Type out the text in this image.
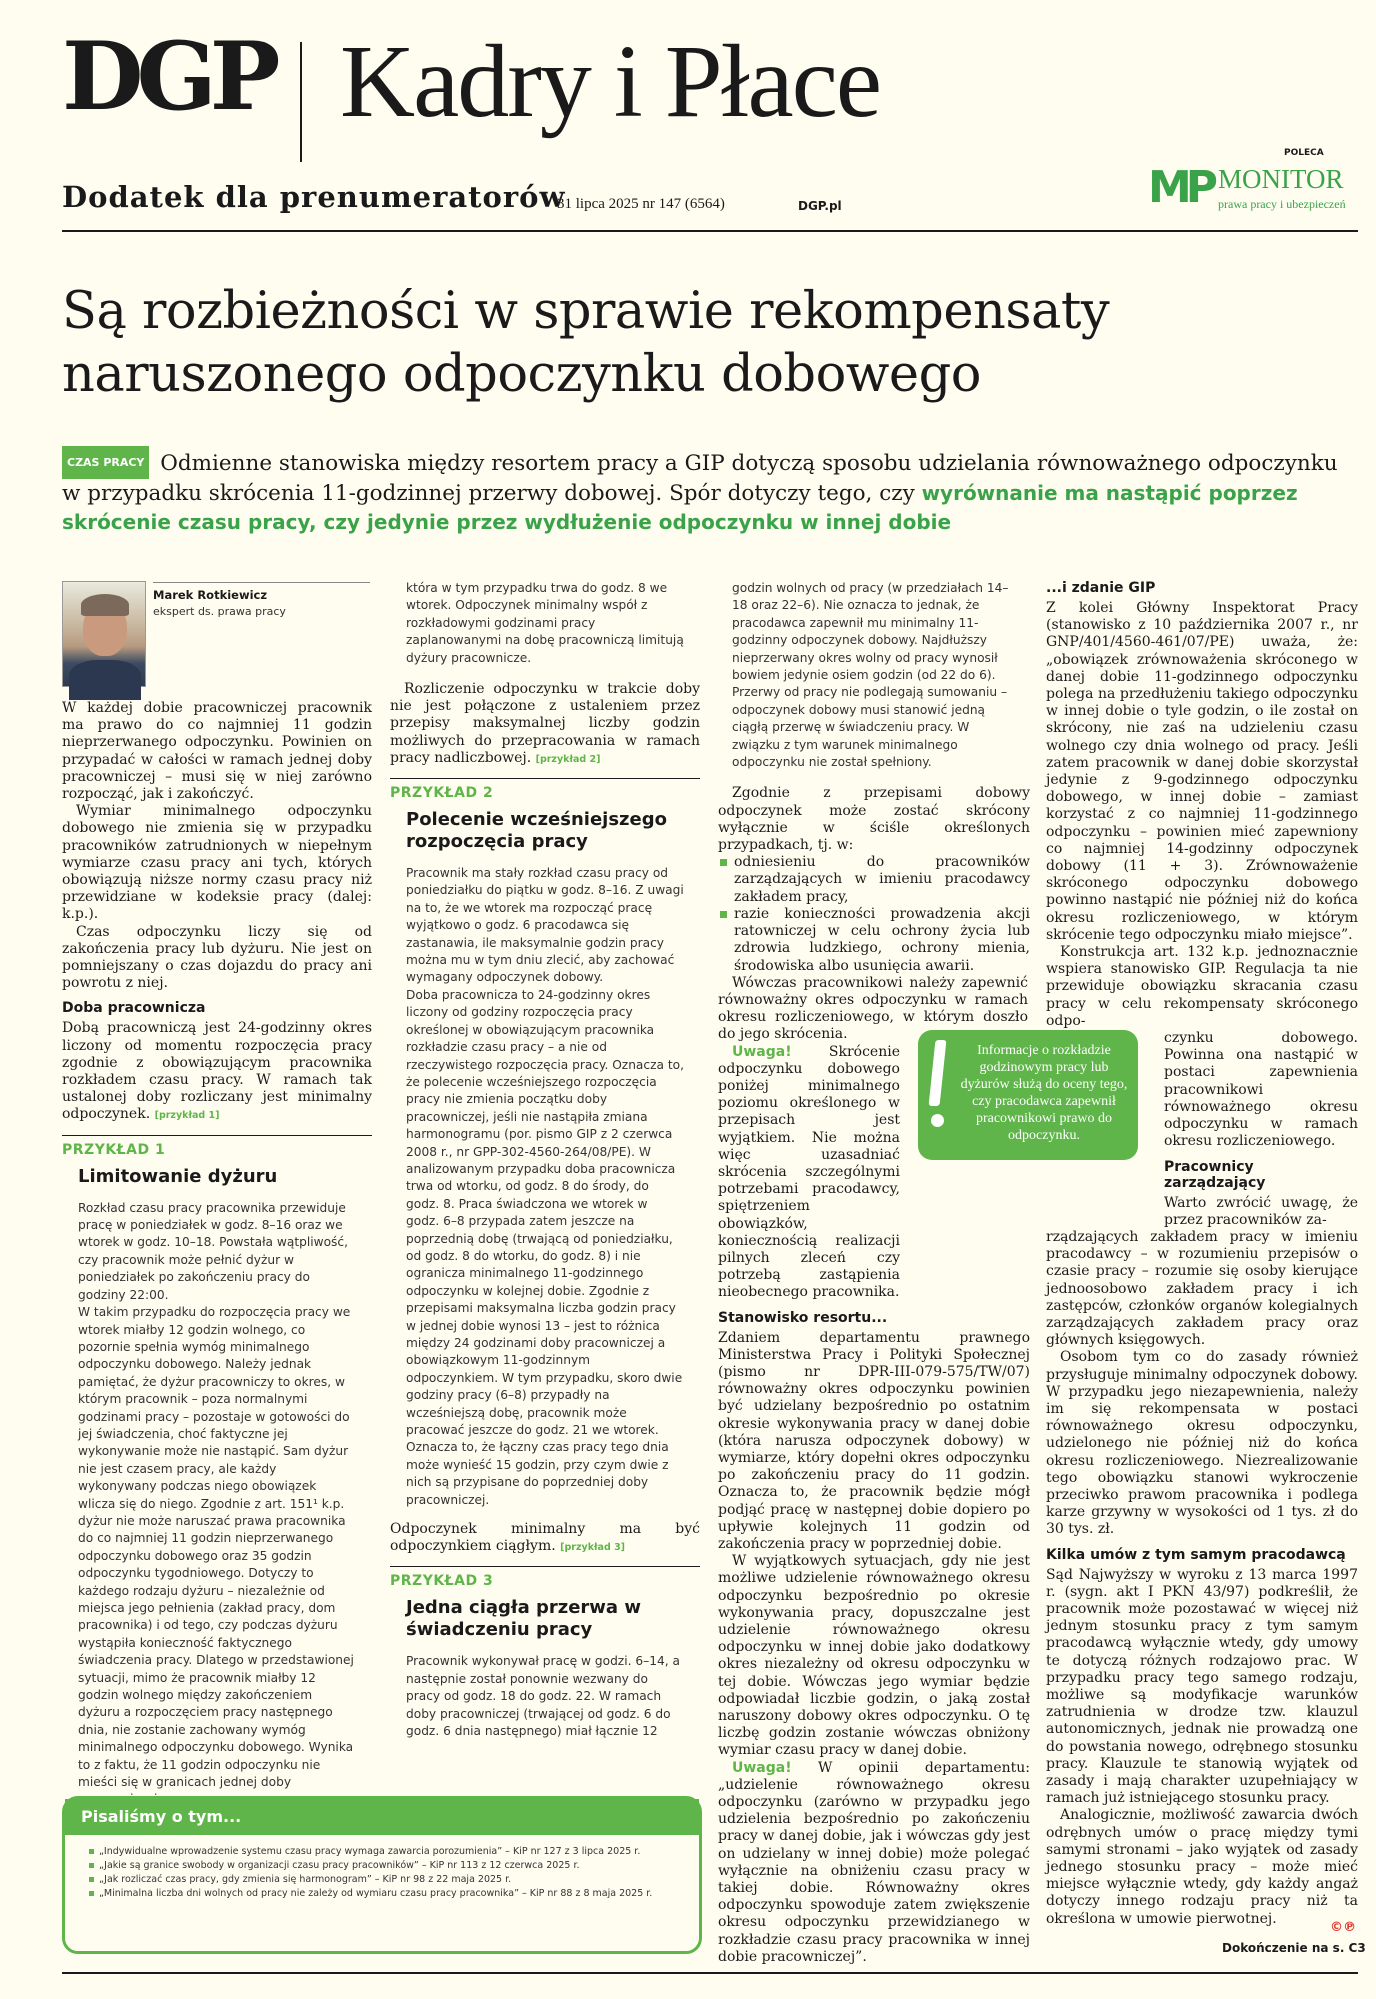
DGP Kadry i Płace
Dodatek dla prenumeratorów
31 lipca 2025 nr 147 (6564)	DGP.pl
POLECA
MP MONITOR
prawa pracy i ubezpieczeń
Są rozbieżności w sprawie rekompensaty
naruszonego odpoczynku dobowego

CZAS PRACY Odmienne stanowiska między resortem pracy a GIP dotyczą sposobu udzielania równoważnego odpoczynku w przypadku skrócenia 11-godzinnej przerwy dobowej. Spór dotyczy tego, czy wyrównanie ma nastąpić poprzez skrócenie czasu pracy, czy jedynie przez wydłużenie odpoczynku w innej dobie

Marek Rotkiewicz
ekspert ds. prawa pracy

W każdej dobie pracowniczej pracownik ma prawo do co najmniej 11 godzin nieprzerwanego odpoczynku. Powinien on przypadać w całości w ramach jednej doby pracowniczej – musi się w niej zarówno rozpocząć, jak i zakończyć.

Wymiar minimalnego odpoczynku dobowego nie zmienia się w przypadku pracowników zatrudnionych w niepełnym wymiarze czasu pracy ani tych, których obowiązują niższe normy czasu pracy niż przewidziane w kodeksie pracy (dalej: k.p.).

Czas odpoczynku liczy się od zakończenia pracy lub dyżuru. Nie jest on pomniejszany o czas dojazdu do pracy ani powrotu z niej.

Doba pracownicza

Dobą pracowniczą jest 24-godzinny okres liczony od momentu rozpoczęcia pracy zgodnie z obowiązującym pracownika rozkładem czasu pracy. W ramach tak ustalonej doby rozliczany jest minimalny odpoczynek. [przykład 1]

PRZYKŁAD 1
Limitowanie dyżuru

Rozkład czasu pracy pracownika przewiduje pracę w poniedziałek w godz. 8–16 oraz we wtorek w godz. 10–18. Powstała wątpliwość, czy pracownik może pełnić dyżur w poniedziałek po zakończeniu pracy do godziny 22:00.

W takim przypadku do rozpoczęcia pracy we wtorek miałby 12 godzin wolnego, co pozornie spełnia wymóg minimalnego odpoczynku dobowego. Należy jednak pamiętać, że dyżur pracowniczy to okres, w którym pracownik – poza normalnymi godzinami pracy – pozostaje w gotowości do jej świadczenia, choć faktyczne jej wykonywanie może nie nastąpić. Sam dyżur nie jest czasem pracy, ale każdy wykonywany podczas niego obowiązek wlicza się do niego. Zgodnie z art. 151¹ k.p. dyżur nie może naruszać prawa pracownika do co najmniej 11 godzin nieprzerwanego odpoczynku dobowego oraz 35 godzin odpoczynku tygodniowego. Dotyczy to każdego rodzaju dyżuru – niezależnie od miejsca jego pełnienia (zakład pracy, dom pracownika) i od tego, czy podczas dyżuru wystąpiła konieczność faktycznego świadczenia pracy. Dlatego w przedstawionej sytuacji, mimo że pracownik miałby 12 godzin wolnego między zakończeniem dyżuru a rozpoczęciem pracy następnego dnia, nie zostanie zachowany wymóg minimalnego odpoczynku dobowego. Wynika to z faktu, że 11 godzin odpoczynku nie mieści się w granicach jednej doby

która w tym przypadku trwa do godz. 8 we wtorek. Odpoczynek minimalny współ z rozkładowymi godzinami pracy zaplanowanymi na dobę pracowniczą limitują dyżury pracownicze.

Rozliczenie odpoczynku w trakcie doby nie jest połączone z ustaleniem przez przepisy maksymalnej liczby godzin możliwych do przepracowania w ramach pracy nadliczbowej. [przykład 2]

PRZYKŁAD 2
Polecenie wcześniejszego rozpoczęcia pracy

Pracownik ma stały rozkład czasu pracy od poniedziałku do piątku w godz. 8–16. Z uwagi na to, że we wtorek ma rozpocząć pracę wyjątkowo o godz. 6 pracodawca się zastanawia, ile maksymalnie godzin pracy można mu w tym dniu zlecić, aby zachować wymagany odpoczynek dobowy.

Doba pracownicza to 24-godzinny okres liczony od godziny rozpoczęcia pracy określonej w obowiązującym pracownika rozkładzie czasu pracy – a nie od rzeczywistego rozpoczęcia pracy. Oznacza to, że polecenie wcześniejszego rozpoczęcia pracy nie zmienia początku doby pracowniczej, jeśli nie nastąpiła zmiana harmonogramu (por. pismo GIP z 2 czerwca 2008 r., nr GPP-302-4560-264/08/PE). W analizowanym przypadku doba pracownicza trwa od wtorku, od godz. 8 do środy, do godz. 8. Praca świadczona we wtorek w godz. 6–8 przypada zatem jeszcze na poprzednią dobę (trwającą od poniedziałku, od godz. 8 do wtorku, do godz. 8) i nie ogranicza minimalnego 11-godzinnego odpoczynku w kolejnej dobie. Zgodnie z przepisami maksymalna liczba godzin pracy w jednej dobie wynosi 13 – jest to różnica między 24 godzinami doby pracowniczej a obowiązkowym 11-godzinnym odpoczynkiem. W tym przypadku, skoro dwie godziny pracy (6–8) przypadły na wcześniejszą dobę, pracownik może pracować jeszcze do godz. 21 we wtorek. Oznacza to, że łączny czas pracy tego dnia może wynieść 15 godzin, przy czym dwie z nich są przypisane do poprzedniej doby pracowniczej.

Odpoczynek minimalny ma być odpoczynkiem ciągłym. [przykład 3]

PRZYKŁAD 3
Jedna ciągła przerwa w świadczeniu pracy

Pracownik wykonywał pracę w godzi. 6–14, a następnie został ponownie wezwany do pracy od godz. 18 do godz. 22. W ramach doby pracowniczej (trwającej od godz. 6 do godz. 6 dnia następnego) miał łącznie 12

godzin wolnych od pracy (w przedziałach 14–18 oraz 22–6). Nie oznacza to jednak, że pracodawca zapewnił mu minimalny 11-godzinny odpoczynek dobowy. Najdłuższy nieprzerwany okres wolny od pracy wynosił bowiem jedynie osiem godzin (od 22 do 6). Przerwy od pracy nie podlegają sumowaniu – odpoczynek dobowy musi stanowić jedną ciągłą przerwę w świadczeniu pracy. W związku z tym warunek minimalnego odpoczynku nie został spełniony.

Zgodnie z przepisami dobowy odpoczynek może zostać skrócony wyłącznie w ściśle określonych przypadkach, tj. w:

odniesieniu do pracowników zarządzających w imieniu pracodawcy zakładem pracy,
razie konieczności prowadzenia akcji ratowniczej w celu ochrony życia lub zdrowia ludzkiego, ochrony mienia, środowiska albo usunięcia awarii.

Wówczas pracownikowi należy zapewnić równoważny okres odpoczynku w ramach okresu rozliczeniowego, w którym doszło do jego skrócenia.

Uwaga!	Skrócenie odpoczynku dobowego poniżej minimalnego poziomu określonego w przepisach jest wyjątkiem. Nie można więc uzasadniać skrócenia szczególnymi potrzebami pracodawcy, spiętrzeniem obowiązków, koniecznością realizacji pilnych zleceń czy potrzebą zastąpienia nieobecnego pracownika.

Stanowisko resortu...

Zdaniem departamentu prawnego Ministerstwa Pracy i Polityki Społecznej (pismo nr DPR-III-079-575/TW/07) równoważny okres odpoczynku powinien być udzielany bezpośrednio po ostatnim okresie wykonywania pracy w danej dobie (która narusza odpoczynek dobowy) w wymiarze, który dopełni okres odpoczynku po zakończeniu pracy do 11 godzin. Oznacza to, że pracownik będzie mógł podjąć pracę w następnej dobie dopiero po upływie kolejnych 11 godzin od zakończenia pracy w poprzedniej dobie.

W wyjątkowych sytuacjach, gdy nie jest możliwe udzielenie równoważnego okresu odpoczynku bezpośrednio po okresie wykonywania pracy, dopuszczalne jest udzielenie równoważnego okresu odpoczynku w innej dobie jako dodatkowy okres niezależny od okresu odpoczynku w tej dobie. Wówczas jego wymiar będzie odpowiadał liczbie godzin, o jaką został naruszony dobowy okres odpoczynku. O tę liczbę godzin zostanie wówczas obniżony wymiar czasu pracy w danej dobie.

Uwaga! W opinii departamentu: „udzielenie równoważnego okresu odpoczynku (zarówno w przypadku jego udzielenia bezpośrednio po zakończeniu pracy w danej dobie, jak i wówczas gdy jest on udzielany w innej dobie) może polegać wyłącznie na obniżeniu czasu pracy w takiej dobie. Równoważny okres odpoczynku spowoduje zatem zwiększenie okresu odpoczynku przewidzianego w rozkładzie czasu pracy pracownika w innej dobie pracowniczej”.

...i zdanie GIP

Z kolei Główny Inspektorat Pracy (stanowisko z 10 października 2007 r., nr GNP/401/4560-461/07/PE) uważa, że: „obowiązek zrównoważenia skróconego w danej dobie 11-godzinnego odpoczynku polega na przedłużeniu takiego odpoczynku w innej dobie o tyle godzin, o ile został on skrócony, nie zaś na udzieleniu czasu wolnego czy dnia wolnego od pracy. Jeśli zatem pracownik w danej dobie skorzystał jedynie z 9-godzinnego odpoczynku dobowego, w innej dobie – zamiast korzystać z co najmniej 11-godzinnego odpoczynku – powinien mieć zapewniony co najmniej 14-godzinny odpoczynek dobowy (11 + 3). Zrównoważenie skróconego odpoczynku dobowego powinno nastąpić nie później niż do końca okresu rozliczeniowego, w którym skrócenie tego odpoczynku miało miejsce”.

Konstrukcja art. 132 k.p. jednoznacznie wspiera stanowisko GIP. Regulacja ta nie przewiduje obowiązku skracania czasu pracy w celu rekompensaty skróconego odpo-

czynku dobowego. Powinna ona nastąpić w postaci zapewnienia pracownikowi równoważnego okresu odpoczynku w ramach okresu rozliczeniowego.

Pracownicy zarządzający

Warto zwrócić uwagę, że przez pracowników za-

rządzających zakładem pracy w imieniu pracodawcy – w rozumieniu przepisów o czasie pracy – rozumie się osoby kierujące jednoosobowo zakładem pracy i ich zastępców, członków organów kolegialnych zarządzających zakładem pracy oraz głównych księgowych.

Osobom tym co do zasady również przysługuje minimalny odpoczynek dobowy. W przypadku jego niezapewnienia, należy im się rekompensata w postaci równoważnego okresu odpoczynku, udzielonego nie później niż do końca okresu rozliczeniowego. Niezrealizowanie tego obowiązku stanowi wykroczenie przeciwko prawom pracownika i podlega karze grzywny w wysokości od 1 tys. zł do 30 tys. zł.

Kilka umów z tym samym pracodawcą

Sąd Najwyższy w wyroku z 13 marca 1997 r. (sygn. akt I PKN 43/97) podkreślił, że pracownik może pozostawać w więcej niż jednym stosunku pracy z tym samym pracodawcą wyłącznie wtedy, gdy umowy te dotyczą różnych rodzajowo prac. W przypadku pracy tego samego rodzaju, możliwe są modyfikacje warunków zatrudnienia w drodze tzw. klauzul autonomicznych, jednak nie prowadzą one do powstania nowego, odrębnego stosunku pracy. Klauzule te stanowią wyjątek od zasady i mają charakter uzupełniający w ramach już istniejącego stosunku pracy.

Analogicznie, możliwość zawarcia dwóch odrębnych umów o pracę między tymi samymi stronami – jako wyjątek od zasady jednego stosunku pracy – może mieć miejsce wyłącznie wtedy, gdy każdy angaż dotyczy innego rodzaju pracy niż ta określona w umowie pierwotnej.

Informacje o rozkładzie godzinowym pracy lub dyżurów służą do oceny tego, czy pracodawca zapewnił pracownikowi prawo do odpoczynku.
Pisaliśmy o tym...
„Indywidualne wprowadzenie systemu czasu pracy wymaga zawarcia porozumienia” – KiP nr 127 z 3 lipca 2025 r.
„Jakie są granice swobody w organizacji czasu pracy pracowników” – KiP nr 113 z 12 czerwca 2025 r.
„Jak rozliczać czas pracy, gdy zmienia się harmonogram” – KiP nr 98 z 22 maja 2025 r.
„Minimalna liczba dni wolnych od pracy nie zależy od wymiaru czasu pracy pracownika” – KiP nr 88 z 8 maja 2025 r.
©℗
Dokończenie na s. C3
